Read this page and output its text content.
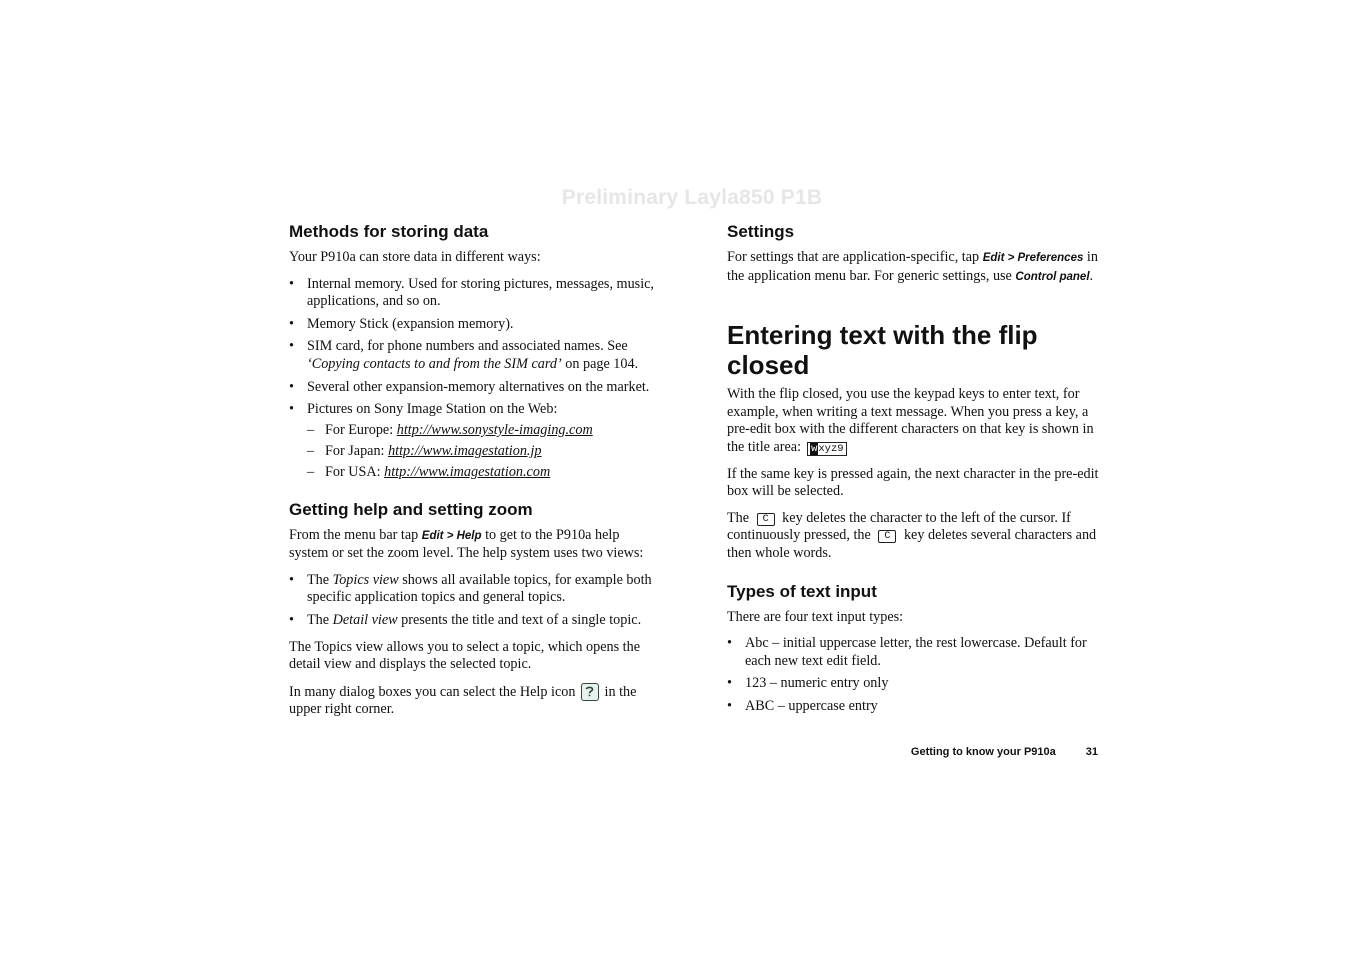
Preliminary Layla850 P1B
Methods for storing data

Your P910a can store data in different ways:

• Internal memory. Used for storing pictures, messages, music, applications, and so on.
• Memory Stick (expansion memory).
• SIM card, for phone numbers and associated names. See ‘Copying contacts to and from the SIM card’ on page 104.
• Several other expansion-memory alternatives on the market.
• Pictures on Sony Image Station on the Web:
– For Europe: http://www.sonystyle-imaging.com
– For Japan: http://www.imagestation.jp
– For USA: http://www.imagestation.com
Getting help and setting zoom

From the menu bar tap Edit > Help to get to the P910a help system or set the zoom level. The help system uses two views:

• The Topics view shows all available topics, for example both specific application topics and general topics.
• The Detail view presents the title and text of a single topic.

The Topics view allows you to select a topic, which opens the detail view and displays the selected topic.

In many dialog boxes you can select the Help icon
in the upper right corner.

Settings

For settings that are application-specific, tap Edit > Preferences in the application menu bar. For generic settings, use Control panel.

Entering text with the flip closed

With the flip closed, you use the keypad keys to enter text, for example, when writing a text message. When you press a key, a pre-edit box with the different characters on that key is shown in the title area: wxyz9

If the same key is pressed again, the next character in the pre-edit box will be selected.

The C key deletes the character to the left of the cursor. If continuously pressed, the C key deletes several characters and then whole words.

Types of text input

There are four text input types:

• Abc – initial uppercase letter, the rest lowercase. Default for each new text edit field.
• 123 – numeric entry only
• ABC – uppercase entry
Getting to know your P910a	31
